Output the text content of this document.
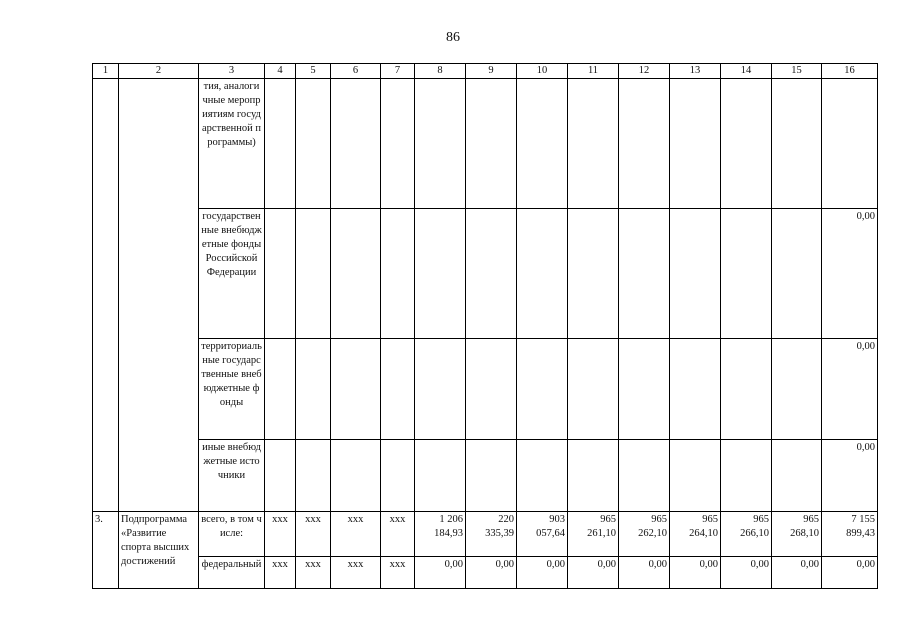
86
1	2	3	4	5	6	7	8	9	10	11	12	13	14	15	16
		тия, аналогичные мероприятиям государственной программы)													
		государственные внебюджетные фонды Российской Федерации													0,00
		территориальные государственные внебюджетные фонды													0,00
		иные внебюджетные источники													0,00
3.	Подпрограмма «Развитие спорта высших достижений	всего, в том числе:	xxx	xxx	xxx	xxx	1 206 184,93	220 335,39	903 057,64	965 261,10	965 262,10	965 264,10	965 266,10	965 268,10	7 155 899,43
		федеральный	xxx	xxx	xxx	xxx	0,00	0,00	0,00	0,00	0,00	0,00	0,00	0,00	0,00
